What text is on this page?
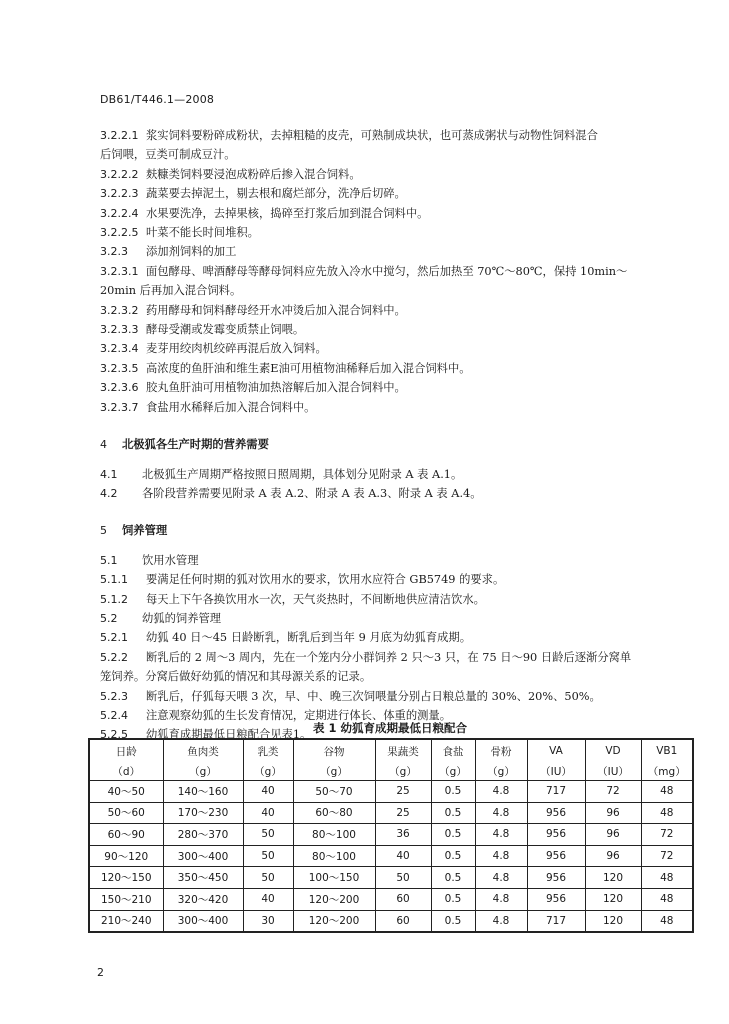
DB61/T446.1—2008
3.2.2.1 浆实饲料要粉碎成粉状，去掉粗糙的皮壳，可熟制成块状，也可蒸成粥状与动物性饲料混合
后饲喂，豆类可制成豆汁。
3.2.2.2 麸糠类饲料要浸泡成粉碎后掺入混合饲料。
3.2.2.3 蔬菜要去掉泥土，剔去根和腐烂部分，洗净后切碎。
3.2.2.4 水果要洗净，去掉果核，捣碎至打浆后加到混合饲料中。
3.2.2.5 叶菜不能长时间堆积。
3.2.3 添加剂饲料的加工
3.2.3.1 面包酵母、啤酒酵母等酵母饲料应先放入冷水中搅匀，然后加热至 70℃～80℃，保持 10min～
20min 后再加入混合饲料。
3.2.3.2 药用酵母和饲料酵母经开水冲烫后加入混合饲料中。
3.2.3.3 酵母受潮或发霉变质禁止饲喂。
3.2.3.4 麦芽用绞肉机绞碎再混后放入饲料。
3.2.3.5 高浓度的鱼肝油和维生素E油可用植物油稀释后加入混合饲料中。
3.2.3.6 胶丸鱼肝油可用植物油加热溶解后加入混合饲料中。
3.2.3.7 食盐用水稀释后加入混合饲料中。
4 北极狐各生产时期的营养需要
4.1 北极狐生产周期严格按照日照周期，具体划分见附录 A 表 A.1。
4.2 各阶段营养需要见附录 A 表 A.2、附录 A 表 A.3、附录 A 表 A.4。
5 饲养管理
5.1 饮用水管理
5.1.1 要满足任何时期的狐对饮用水的要求，饮用水应符合 GB5749 的要求。
5.1.2 每天上下午各换饮用水一次，天气炎热时，不间断地供应清洁饮水。
5.2 幼狐的饲养管理
5.2.1 幼狐 40 日～45 日龄断乳，断乳后到当年 9 月底为幼狐育成期。
5.2.2 断乳后的 2 周～3 周内，先在一个笼内分小群饲养 2 只～3 只，在 75 日～90 日龄后逐渐分窝单
笼饲养。分窝后做好幼狐的情况和其母源关系的记录。
5.2.3 断乳后，仔狐每天喂 3 次，早、中、晚三次饲喂量分别占日粮总量的 30%、20%、50%。
5.2.4 注意观察幼狐的生长发育情况，定期进行体长、体重的测量。
5.2.5 幼狐育成期最低日粮配合见表1。 表 1 幼狐育成期最低日粮配合
日龄	鱼肉类	乳类	谷物	果蔬类	食盐	骨粉	VA	VD	VB1
（d）	（g）	（g）	（g）	（g）	（g）	（g）	（IU）	（IU）	（mg）
40～50	140～160	40	50～70	25	0.5	4.8	717	72	48
50～60	170～230	40	60～80	25	0.5	4.8	956	96	48
60～90	280～370	50	80～100	36	0.5	4.8	956	96	72
90～120	300～400	50	80～100	40	0.5	4.8	956	96	72
120～150	350～450	50	100～150	50	0.5	4.8	956	120	48
150～210	320～420	40	120～200	60	0.5	4.8	956	120	48
210～240	300～400	30	120～200	60	0.5	4.8	717	120	48
2
